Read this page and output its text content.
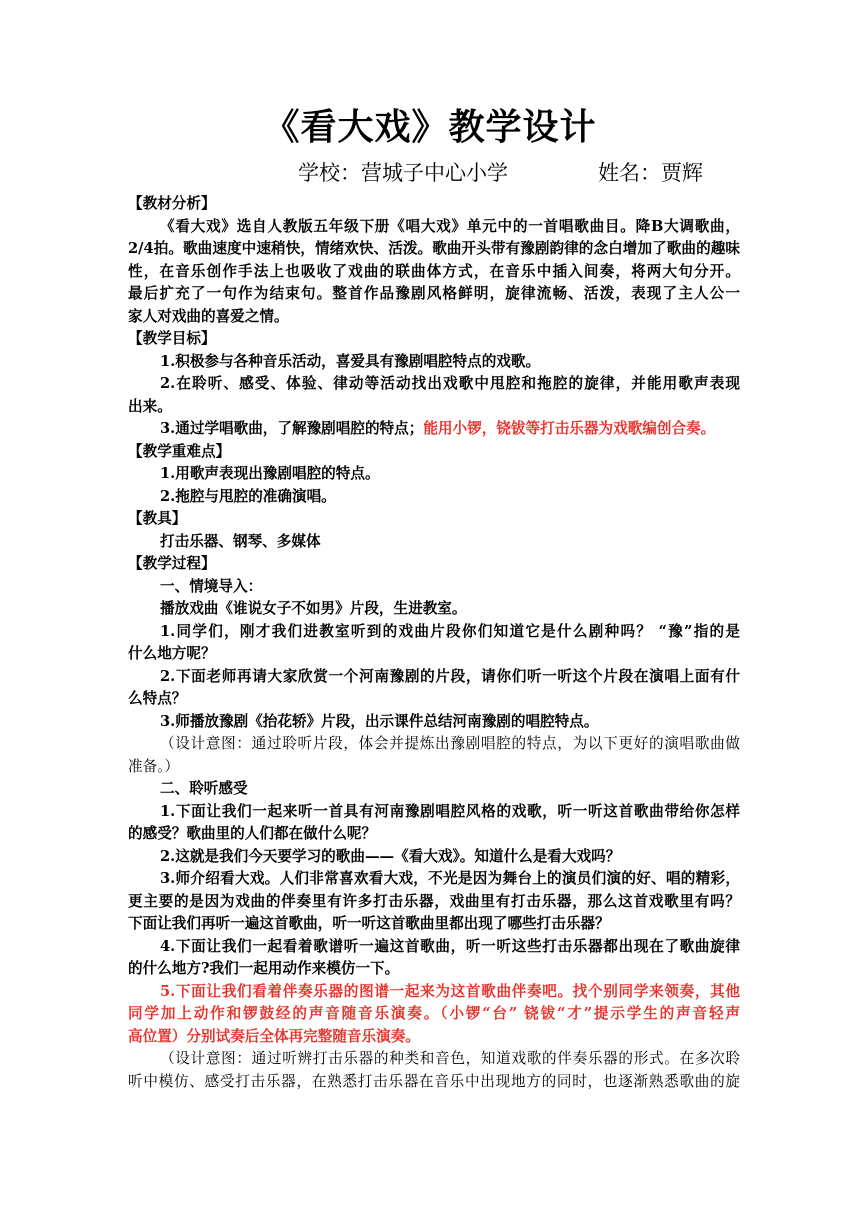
《看大戏》教学设计
学校：营城子中心小学	姓名：贾辉
【教材分析】
《看大戏》选自人教版五年级下册《唱大戏》单元中的一首唱歌曲目。降B大调歌曲，
2/4拍。歌曲速度中速稍快，情绪欢快、活泼。歌曲开头带有豫剧韵律的念白增加了歌曲的趣味
性，在音乐创作手法上也吸收了戏曲的联曲体方式，在音乐中插入间奏，将两大句分开。
最后扩充了一句作为结束句。整首作品豫剧风格鲜明，旋律流畅、活泼，表现了主人公一
家人对戏曲的喜爱之情。
【教学目标】
1.积极参与各种音乐活动，喜爱具有豫剧唱腔特点的戏歌。
2.在聆听、感受、体验、律动等活动找出戏歌中甩腔和拖腔的旋律，并能用歌声表现
出来。
3.通过学唱歌曲，了解豫剧唱腔的特点；能用小锣，铙钹等打击乐器为戏歌编创合奏。
【教学重难点】
1.用歌声表现出豫剧唱腔的特点。
2.拖腔与甩腔的准确演唱。
【教具】
打击乐器、钢琴、多媒体
【教学过程】
一、情境导入：
播放戏曲《谁说女子不如男》片段，生进教室。
1.同学们，刚才我们进教室听到的戏曲片段你们知道它是什么剧种吗？ “豫”指的是
什么地方呢？
2.下面老师再请大家欣赏一个河南豫剧的片段，请你们听一听这个片段在演唱上面有什
么特点？
3.师播放豫剧《抬花轿》片段，出示课件总结河南豫剧的唱腔特点。
（设计意图：通过聆听片段，体会并提炼出豫剧唱腔的特点，为以下更好的演唱歌曲做
准备。）
二、聆听感受
1.下面让我们一起来听一首具有河南豫剧唱腔风格的戏歌，听一听这首歌曲带给你怎样
的感受？歌曲里的人们都在做什么呢？
2.这就是我们今天要学习的歌曲——《看大戏》。知道什么是看大戏吗？
3.师介绍看大戏。人们非常喜欢看大戏，不光是因为舞台上的演员们演的好、唱的精彩，
更主要的是因为戏曲的伴奏里有许多打击乐器，戏曲里有打击乐器，那么这首戏歌里有吗？
下面让我们再听一遍这首歌曲，听一听这首歌曲里都出现了哪些打击乐器？
4.下面让我们一起看着歌谱听一遍这首歌曲，听一听这些打击乐器都出现在了歌曲旋律
的什么地方?我们一起用动作来模仿一下。
5.下面让我们看着伴奏乐器的图谱一起来为这首歌曲伴奏吧。找个别同学来领奏，其他
同学加上动作和锣鼓经的声音随音乐演奏。（小锣“台” 铙钹“才”提示学生的声音轻声
高位置）分别试奏后全体再完整随音乐演奏。
（设计意图：通过听辨打击乐器的种类和音色，知道戏歌的伴奏乐器的形式。在多次聆
听中模仿、感受打击乐器，在熟悉打击乐器在音乐中出现地方的同时，也逐渐熟悉歌曲的旋
